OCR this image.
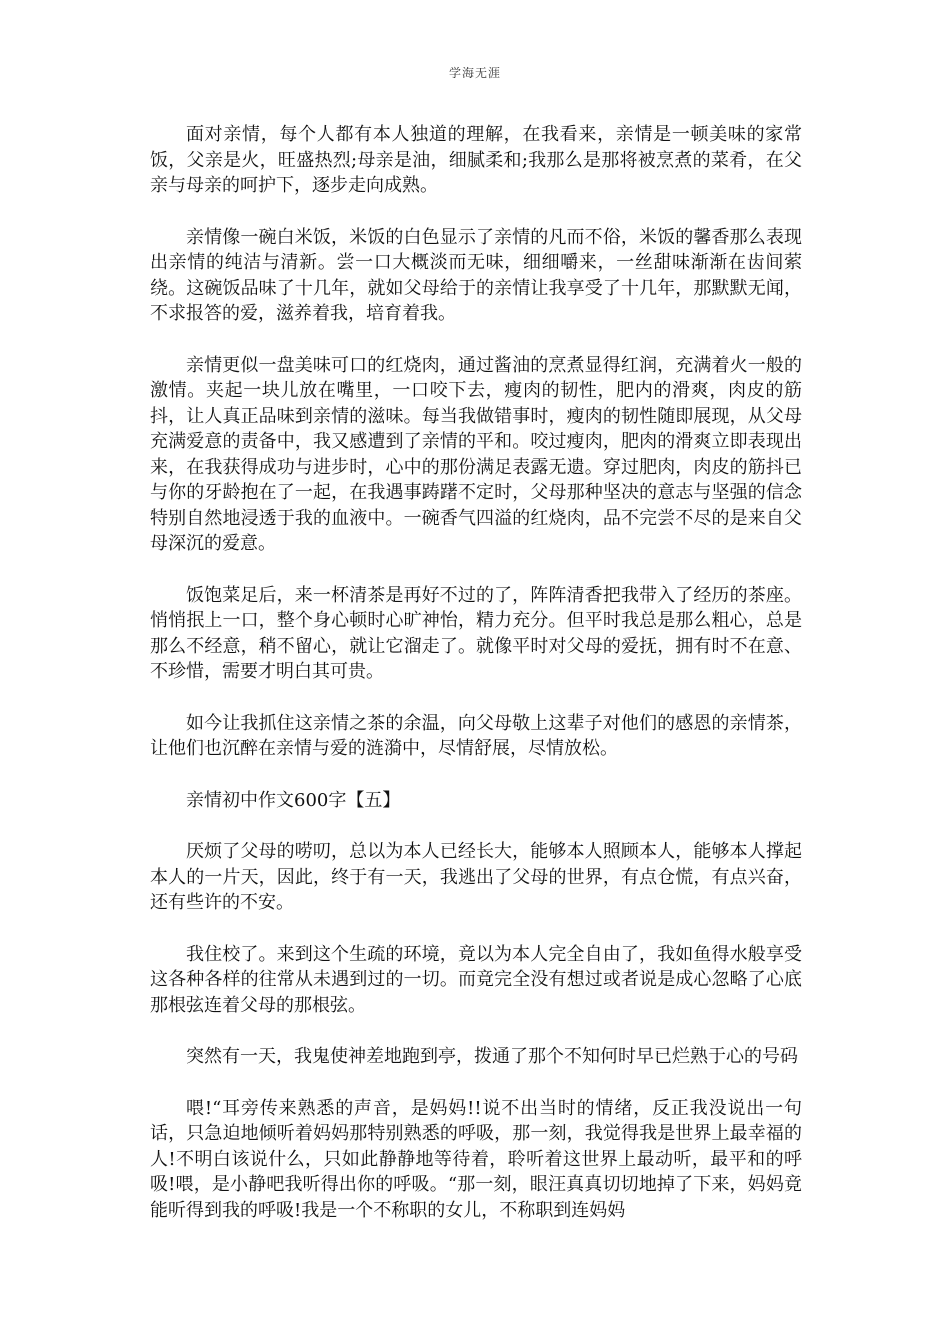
学海无涯

面对亲情，每个人都有本人独道的理解，在我看来，亲情是一顿美味的家常饭，父亲是火，旺盛热烈;母亲是油，细腻柔和;我那么是那将被烹煮的菜肴，在父亲与母亲的呵护下，逐步走向成熟。

亲情像一碗白米饭，米饭的白色显示了亲情的凡而不俗，米饭的馨香那么表现出亲情的纯洁与清新。尝一口大概淡而无味，细细嚼来，一丝甜味渐渐在齿间萦绕。这碗饭品味了十几年，就如父母给于的亲情让我享受了十几年，那默默无闻，不求报答的爱，滋养着我，培育着我。

亲情更似一盘美味可口的红烧肉，通过酱油的烹煮显得红润，充满着火一般的激情。夹起一块儿放在嘴里，一口咬下去，瘦肉的韧性，肥内的滑爽，肉皮的筋抖，让人真正品味到亲情的滋味。每当我做错事时，瘦肉的韧性随即展现，从父母充满爱意的责备中，我又感遭到了亲情的平和。咬过瘦肉，肥肉的滑爽立即表现出来，在我获得成功与进步时，心中的那份满足表露无遗。穿过肥肉，肉皮的筋抖已与你的牙龄抱在了一起，在我遇事踌躇不定时，父母那种坚决的意志与坚强的信念特别自然地浸透于我的血液中。一碗香气四溢的红烧肉，品不完尝不尽的是来自父母深沉的爱意。

饭饱菜足后，来一杯清茶是再好不过的了，阵阵清香把我带入了经历的茶座。悄悄抿上一口，整个身心顿时心旷神怡，精力充分。但平时我总是那么粗心，总是那么不经意，稍不留心，就让它溜走了。就像平时对父母的爱抚，拥有时不在意、不珍惜，需要才明白其可贵。

如今让我抓住这亲情之茶的余温，向父母敬上这辈子对他们的感恩的亲情茶，让他们也沉醉在亲情与爱的涟漪中，尽情舒展，尽情放松。

亲情初中作文600字【五】

厌烦了父母的唠叨，总以为本人已经长大，能够本人照顾本人，能够本人撑起本人的一片天，因此，终于有一天，我逃出了父母的世界，有点仓慌，有点兴奋，还有些许的不安。

我住校了。来到这个生疏的环境，竟以为本人完全自由了，我如鱼得水般享受这各种各样的往常从未遇到过的一切。而竟完全没有想过或者说是成心忽略了心底那根弦连着父母的那根弦。

突然有一天，我鬼使神差地跑到亭，拨通了那个不知何时早已烂熟于心的号码

喂!“耳旁传来熟悉的声音，是妈妈!!说不出当时的情绪，反正我没说出一句话，只急迫地倾听着妈妈那特别熟悉的呼吸，那一刻，我觉得我是世界上最幸福的人!不明白该说什么，只如此静静地等待着，聆听着这世界上最动听，最平和的呼吸!喂，是小静吧我听得出你的呼吸。“那一刻，眼汪真真切切地掉了下来，妈妈竟能听得到我的呼吸!我是一个不称职的女儿，不称职到连妈妈
